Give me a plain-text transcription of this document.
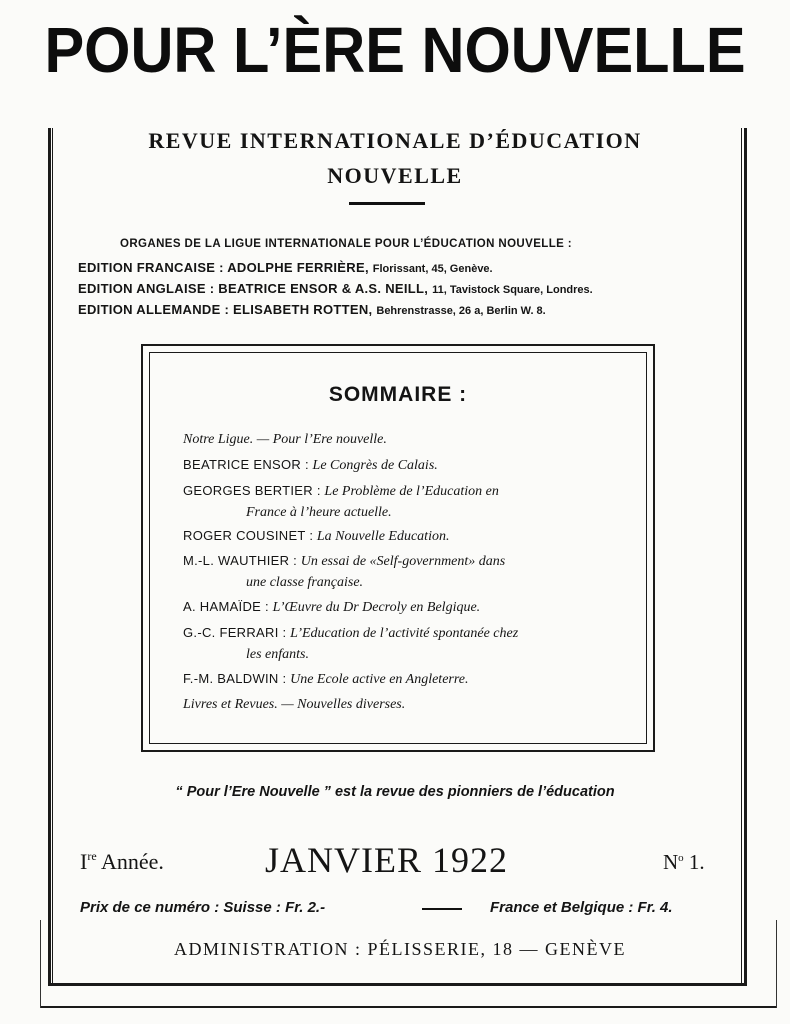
POUR L’ÈRE NOUVELLE
REVUE INTERNATIONALE D’ÉDUCATION
NOUVELLE
ORGANES DE LA LIGUE INTERNATIONALE POUR L’ÉDUCATION NOUVELLE :
EDITION FRANCAISE : ADOLPHE FERRIÈRE, Florissant, 45, Genève.
EDITION ANGLAISE : BEATRICE ENSOR & A.S. NEILL, 11, Tavistock Square, Londres.
EDITION ALLEMANDE : ELISABETH ROTTEN, Behrenstrasse, 26 a, Berlin W. 8.
SOMMAIRE :
Notre Ligue. — Pour l’Ere nouvelle.
BEATRICE ENSOR : Le Congrès de Calais.
GEORGES BERTIER : Le Problème de l’Education en
France à l’heure actuelle.
ROGER COUSINET : La Nouvelle Education.
M.-L. WAUTHIER : Un essai de «Self-government» dans
une classe française.
A. HAMAÏDE : L’Œuvre du Dr Decroly en Belgique.
G.-C. FERRARI : L’Education de l’activité spontanée chez
les enfants.
F.-M. BALDWIN : Une Ecole active en Angleterre.
Livres et Revues. — Nouvelles diverses.
“ Pour l’Ere Nouvelle ” est la revue des pionniers de l’éducation
Ire Année.	JANVIER 1922	$N^o$ 1.
Prix de ce numéro : Suisse : Fr. 2.-	France et Belgique : Fr. 4.
ADMINISTRATION : PÉLISSERIE, 18 — GENÈVE
